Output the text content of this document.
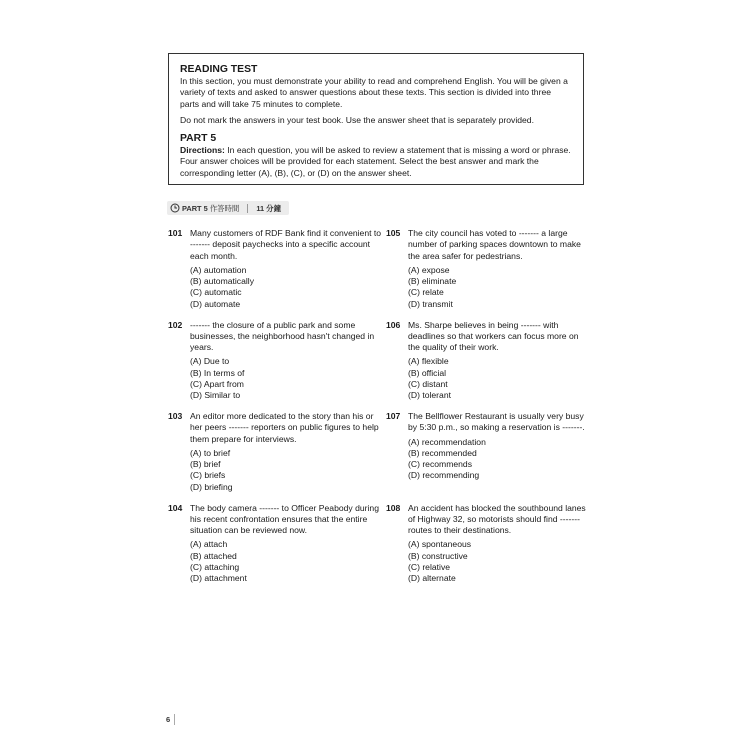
READING TEST

In this section, you must demonstrate your ability to read and comprehend English. You will be given a variety of texts and asked to answer questions about these texts. This section is divided into three parts and will take 75 minutes to complete.

Do not mark the answers in your test book. Use the answer sheet that is separately provided.

PART 5

Directions: In each question, you will be asked to review a statement that is missing a word or phrase. Four answer choices will be provided for each statement. Select the best answer and mark the corresponding letter (A), (B), (C), or (D) on the answer sheet.

PART 5 作答時間 11 分鐘
101 Many customers of RDF Bank find it convenient to ------- deposit paychecks into a specific account each month.

(A) automation

(B) automatically

(C) automatic

(D) automate

105 The city council has voted to ------- a large number of parking spaces downtown to make the area safer for pedestrians.

(A) expose

(B) eliminate

(C) relate

(D) transmit

102 ------- the closure of a public park and some businesses, the neighborhood hasn't changed in years.

(A) Due to

(B) In terms of

(C) Apart from

(D) Similar to

106 Ms. Sharpe believes in being ------- with deadlines so that workers can focus more on the quality of their work.

(A) flexible

(B) official

(C) distant

(D) tolerant

103 An editor more dedicated to the story than his or her peers ------- reporters on public figures to help them prepare for interviews.

(A) to brief

(B) brief

(C) briefs

(D) briefing

107 The Bellflower Restaurant is usually very busy by 5:30 p.m., so making a reservation is -------.

(A) recommendation

(B) recommended

(C) recommends

(D) recommending

104 The body camera ------- to Officer Peabody during his recent confrontation ensures that the entire situation can be reviewed now.

(A) attach

(B) attached

(C) attaching

(D) attachment

108 An accident has blocked the southbound lanes of Highway 32, so motorists should find ------- routes to their destinations.

(A) spontaneous

(B) constructive

(C) relative

(D) alternate

6
